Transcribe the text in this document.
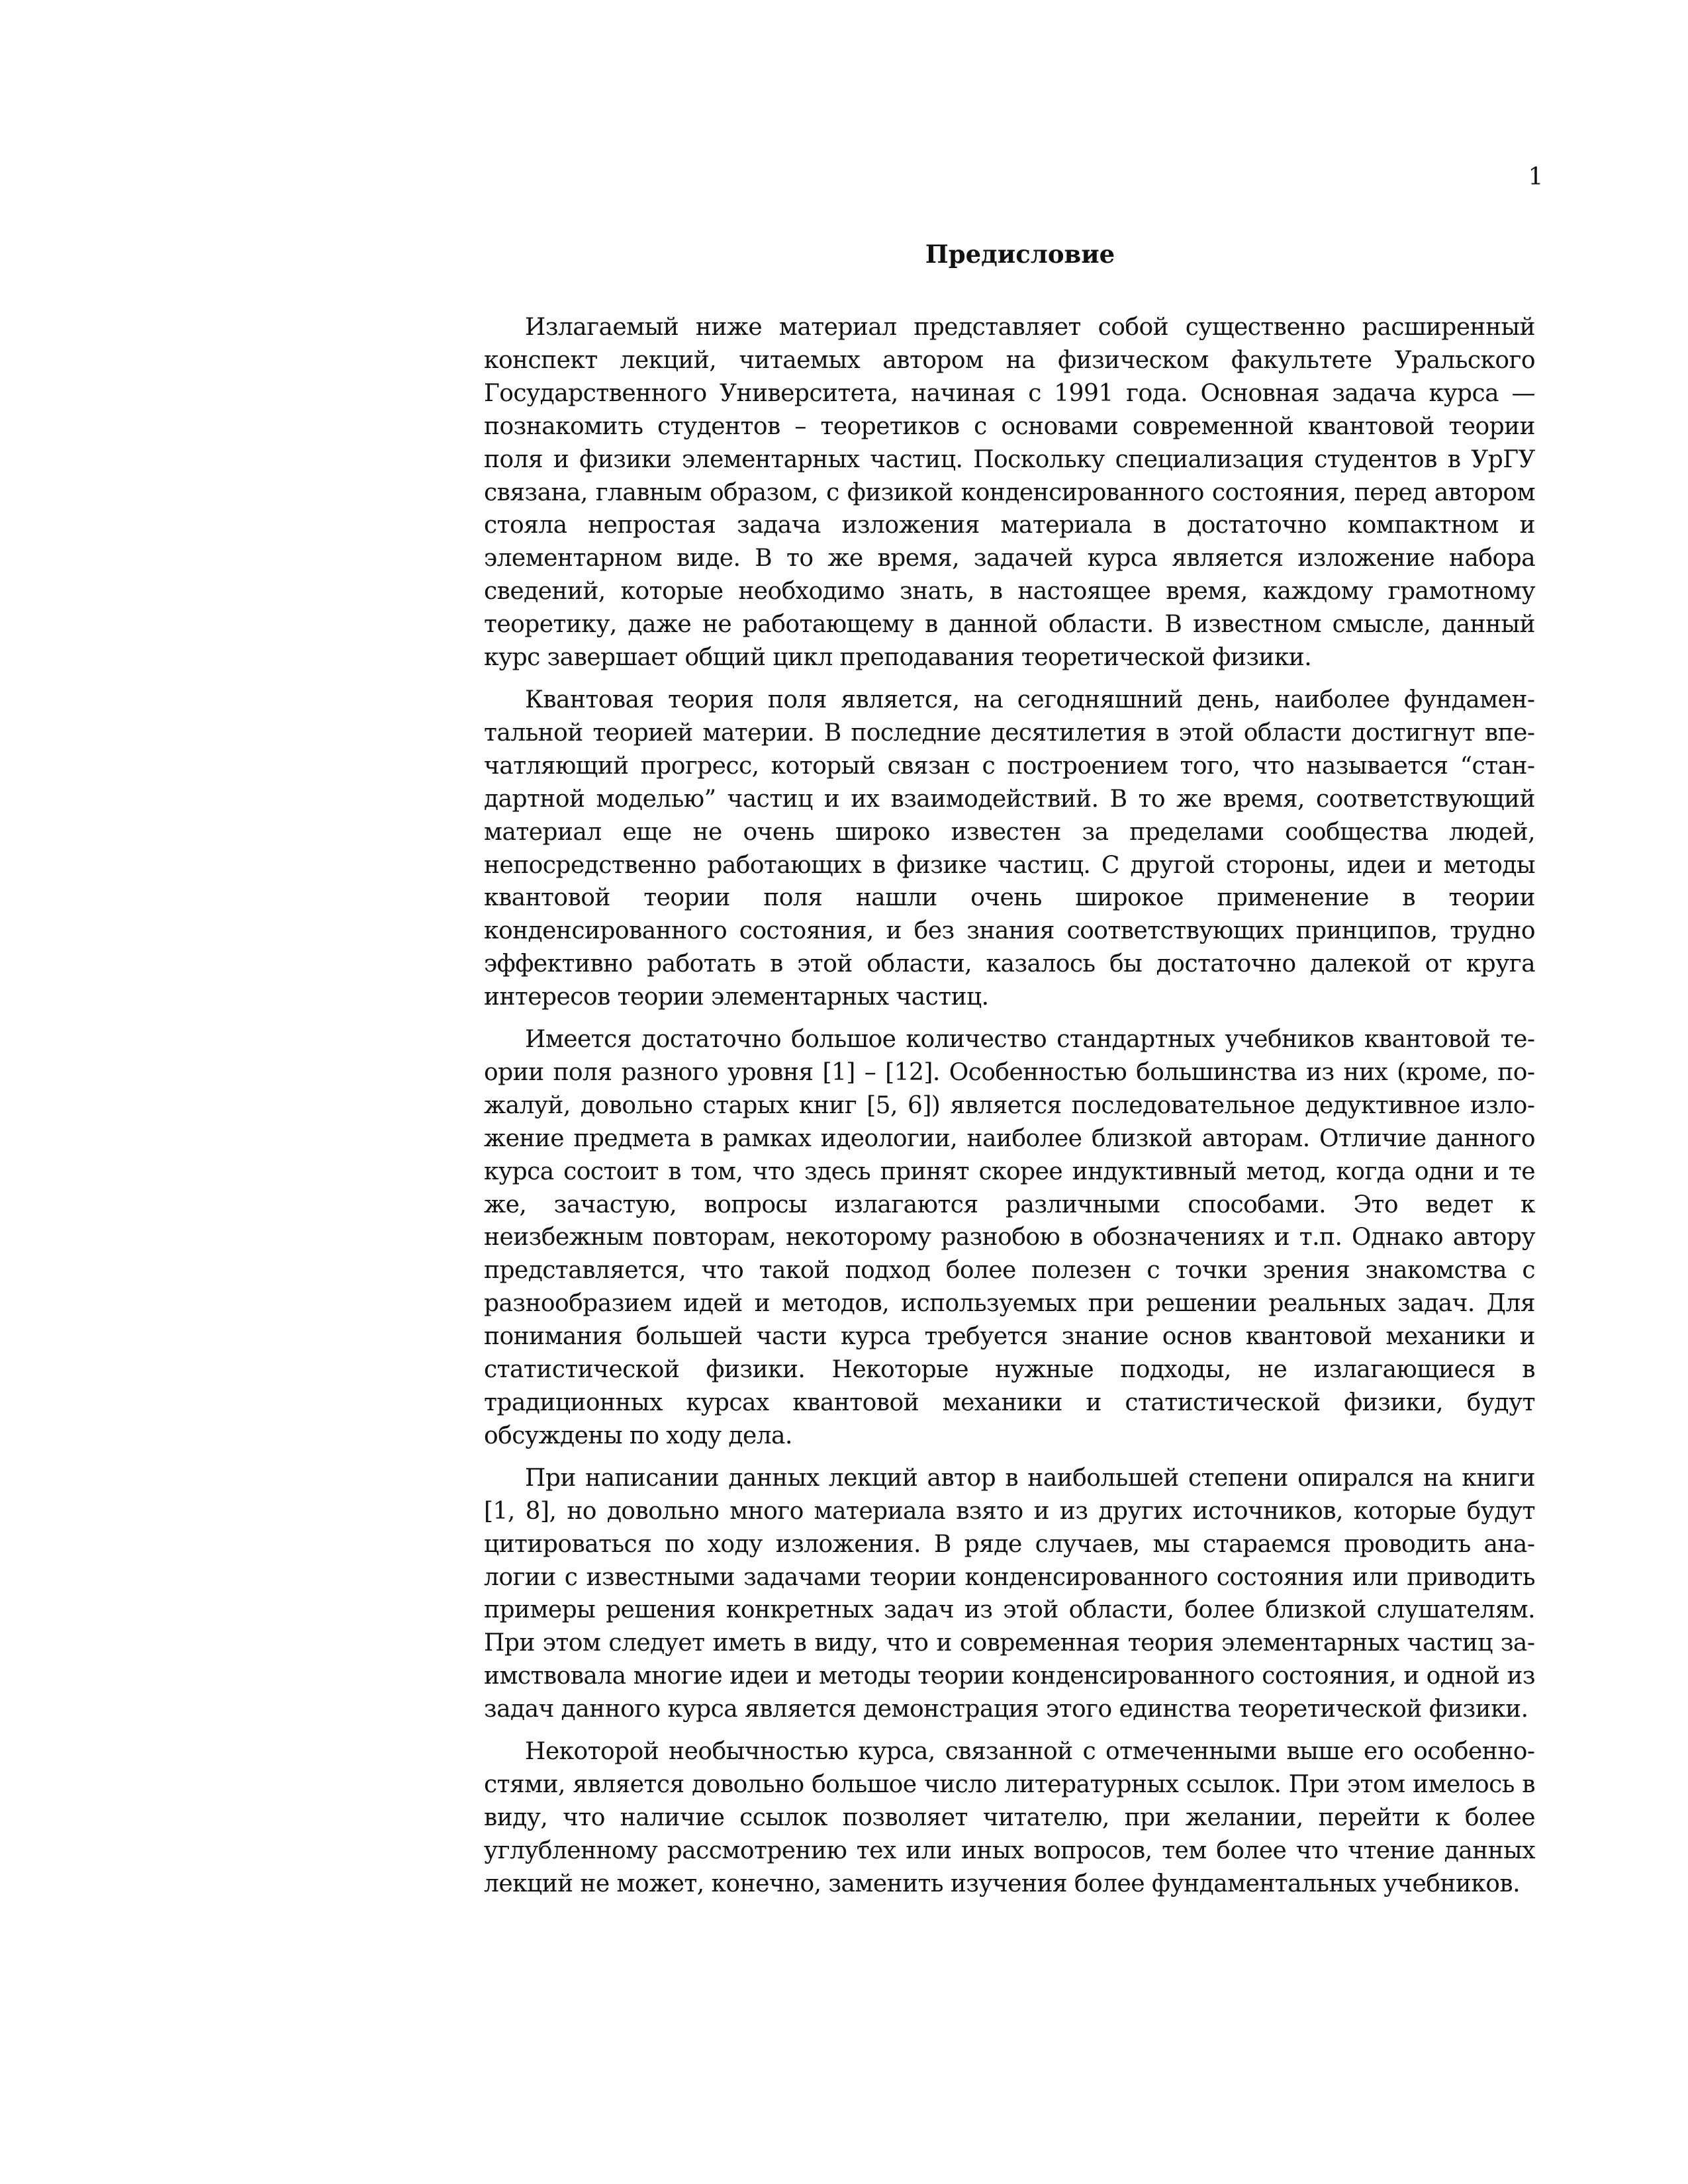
1
Предисловие

Излагаемый ниже материал представляет собой существенно расширенный конспект лекций, читаемых автором на физическом факультете Уральского Государственного Университета, начиная с 1991 года. Основная задача курса — познакомить студентов – теоретиков с основами современной квантовой теории поля и физики элементарных частиц. Поскольку специализация студентов в УрГУ связана, главным образом, с физикой конденсированного состояния, перед автором стояла непростая задача изложения материала в достаточно компактном и элементарном виде. В то же время, задачей курса является изложение набора сведений, которые необходимо знать, в настоящее время, каждому грамотному теоретику, даже не работающему в данной области. В известном смысле, данный курс завершает общий цикл преподавания теоретической физики.

Квантовая теория поля является, на сегодняшний день, наиболее фундаментальной теорией материи. В последние десятилетия в этой области достигнут впечатляющий прогресс, который связан с построением того, что называется “стандартной моделью” частиц и их взаимодействий. В то же время, соответствующий материал еще не очень широко известен за пределами сообщества людей, непосредственно работающих в физике частиц. С другой стороны, идеи и методы квантовой теории поля нашли очень широкое применение в теории конденсированного состояния, и без знания соответствующих принципов, трудно эффективно работать в этой области, казалось бы достаточно далекой от круга интересов теории элементарных частиц.

Имеется достаточно большое количество стандартных учебников квантовой теории поля разного уровня [1] – [12]. Особенностью большинства из них (кроме, пожалуй, довольно старых книг [5, 6]) является последовательное дедуктивное изложение предмета в рамках идеологии, наиболее близкой авторам. Отличие данного курса состоит в том, что здесь принят скорее индуктивный метод, когда одни и те же, зачастую, вопросы излагаются различными способами. Это ведет к неизбежным повторам, некоторому разнобою в обозначениях и т.п. Однако автору представляется, что такой подход более полезен с точки зрения знакомства с разнообразием идей и методов, используемых при решении реальных задач. Для понимания большей части курса требуется знание основ квантовой механики и статистической физики. Некоторые нужные подходы, не излагающиеся в традиционных курсах квантовой механики и статистической физики, будут обсуждены по ходу дела.

При написании данных лекций автор в наибольшей степени опирался на книги [1, 8], но довольно много материала взято и из других источников, которые будут цитироваться по ходу изложения. В ряде случаев, мы стараемся проводить аналогии с известными задачами теории конденсированного состояния или приводить примеры решения конкретных задач из этой области, более близкой слушателям. При этом следует иметь в виду, что и современная теория элементарных частиц заимствовала многие идеи и методы теории конденсированного состояния, и одной из задач данного курса является демонстрация этого единства теоретической физики.

Некоторой необычностью курса, связанной с отмеченными выше его особенностями, является довольно большое число литературных ссылок. При этом имелось в виду, что наличие ссылок позволяет читателю, при желании, перейти к более углубленному рассмотрению тех или иных вопросов, тем более что чтение данных лекций не может, конечно, заменить изучения более фундаментальных учебников.
